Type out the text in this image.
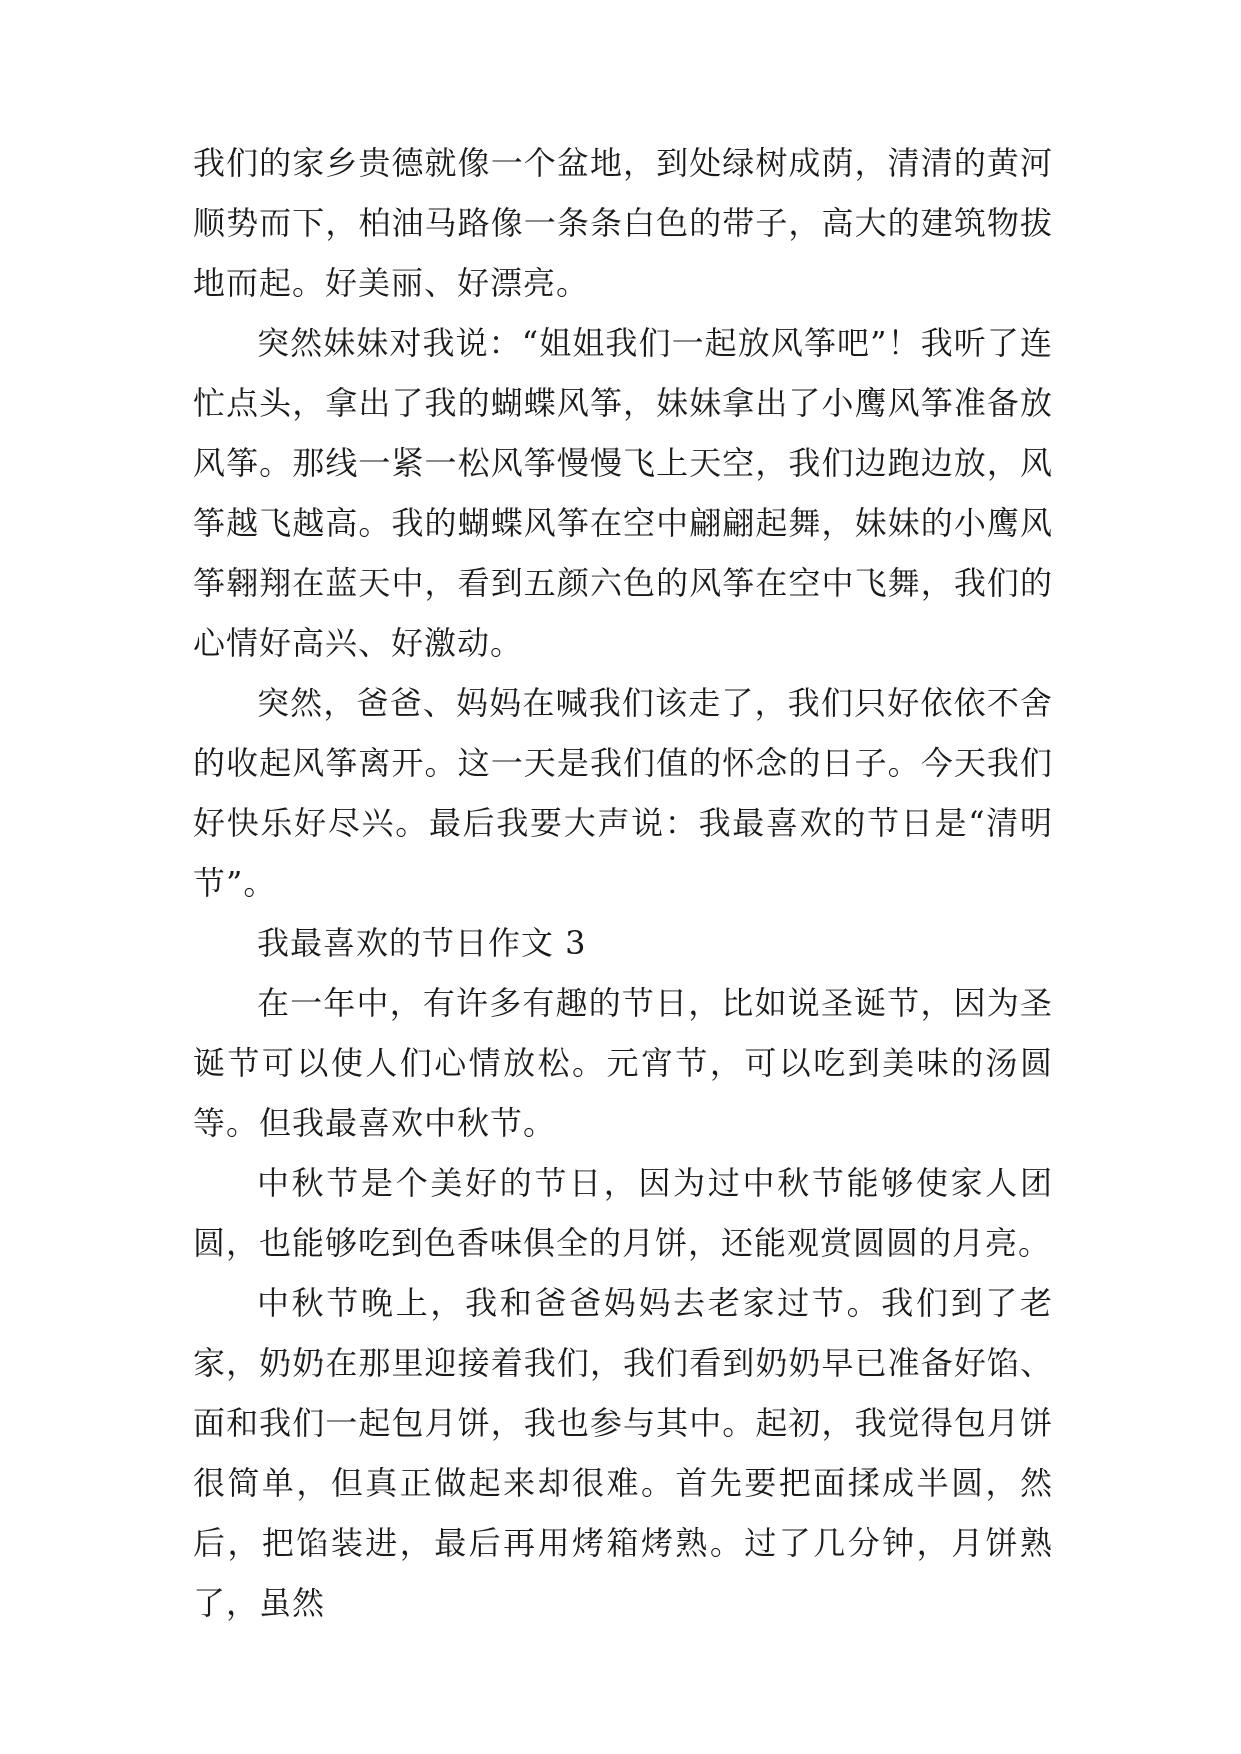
我们的家乡贵德就像一个盆地，到处绿树成荫，清清的黄河顺势而下，柏油马路像一条条白色的带子，高大的建筑物拔地而起。好美丽、好漂亮。

突然妹妹对我说：“姐姐我们一起放风筝吧”！我听了连忙点头，拿出了我的蝴蝶风筝，妹妹拿出了小鹰风筝准备放风筝。那线一紧一松风筝慢慢飞上天空，我们边跑边放，风筝越飞越高。我的蝴蝶风筝在空中翩翩起舞，妹妹的小鹰风筝翱翔在蓝天中，看到五颜六色的风筝在空中飞舞，我们的心情好高兴、好激动。

突然，爸爸、妈妈在喊我们该走了，我们只好依依不舍的收起风筝离开。这一天是我们值的怀念的日子。今天我们好快乐好尽兴。最后我要大声说：我最喜欢的节日是“清明节”。

我最喜欢的节日作文 3

在一年中，有许多有趣的节日，比如说圣诞节，因为圣诞节可以使人们心情放松。元宵节，可以吃到美味的汤圆等。但我最喜欢中秋节。

中秋节是个美好的节日，因为过中秋节能够使家人团圆，也能够吃到色香味俱全的月饼，还能观赏圆圆的月亮。

中秋节晚上，我和爸爸妈妈去老家过节。我们到了老家，奶奶在那里迎接着我们，我们看到奶奶早已准备好馅、面和我们一起包月饼，我也参与其中。起初，我觉得包月饼很简单，但真正做起来却很难。首先要把面揉成半圆，然后，把馅装进，最后再用烤箱烤熟。过了几分钟，月饼熟了，虽然
